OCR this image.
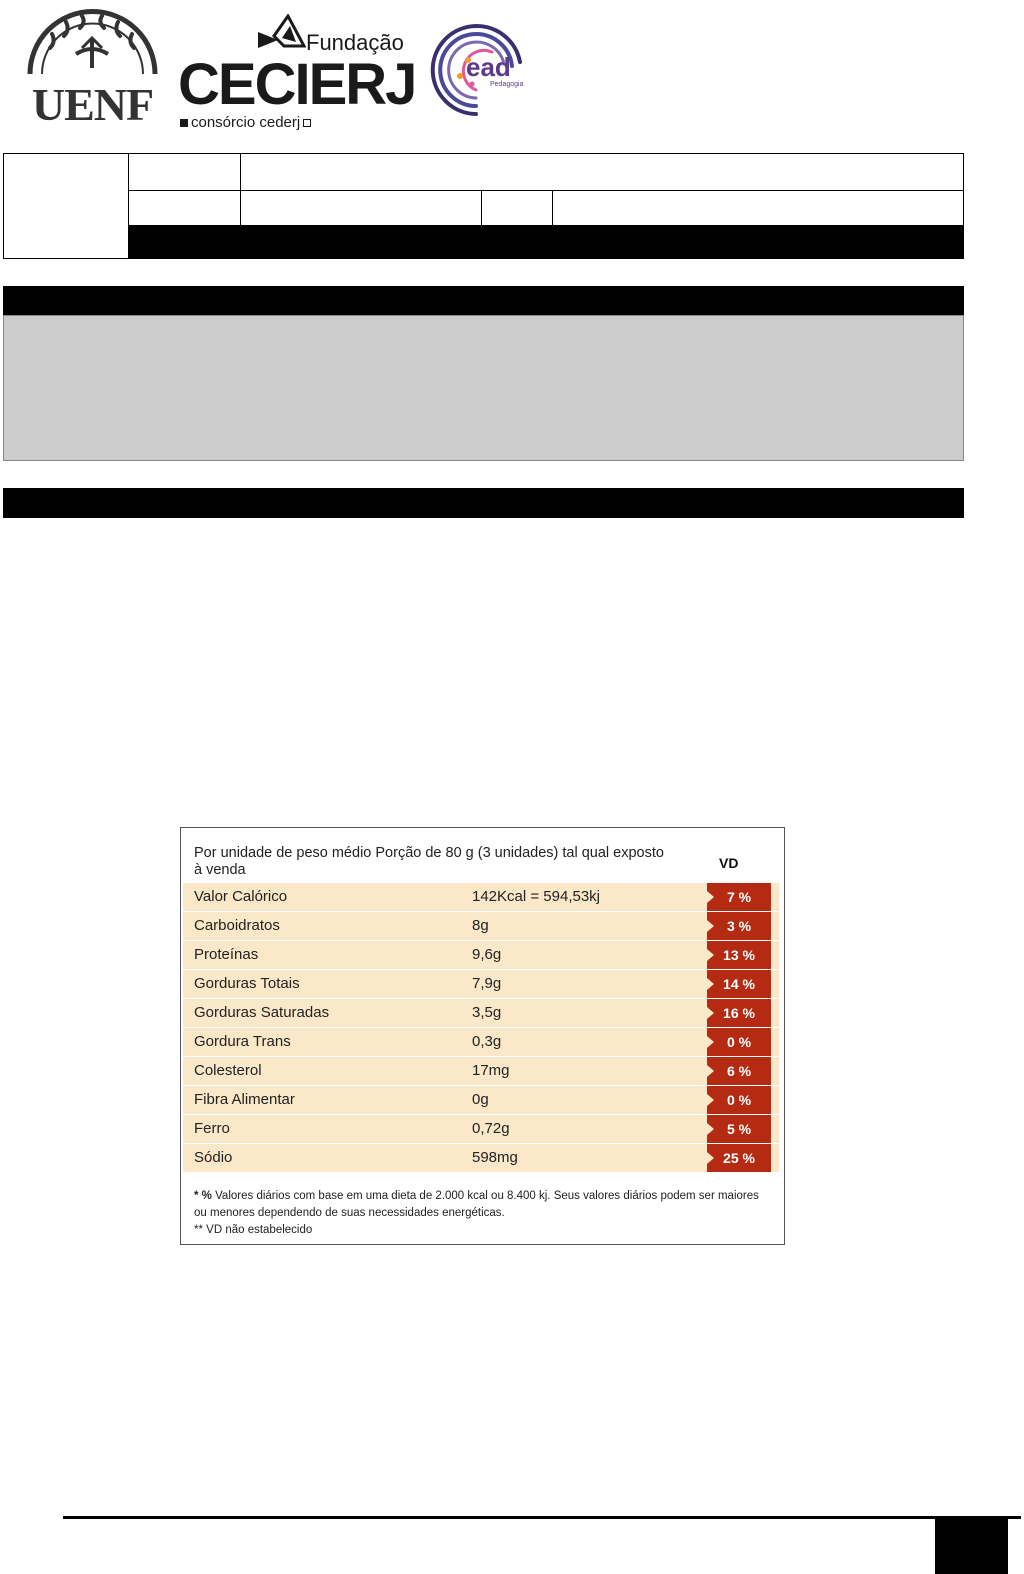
UENF
Fundação
CECIERJ
consórcio cederj
ead
Pedagogia
Por unidade de peso médio Porção de 80 g (3 unidades) tal qual exposto à venda	VD
Valor Calórico	142Kcal = 594,53kj	7 %
Carboidratos	8g	3 %
Proteínas	9,6g	13 %
Gorduras Totais	7,9g	14 %
Gorduras Saturadas	3,5g	16 %
Gordura Trans	0,3g	0 %
Colesterol	17mg	6 %
Fibra Alimentar	0g	0 %
Ferro	0,72g	5 %
Sódio	598mg	25 %
* % Valores diários com base em uma dieta de 2.000 kcal ou 8.400 kj. Seus valores diários podem ser maiores ou menores dependendo de suas necessidades energéticas.
** VD não estabelecido
